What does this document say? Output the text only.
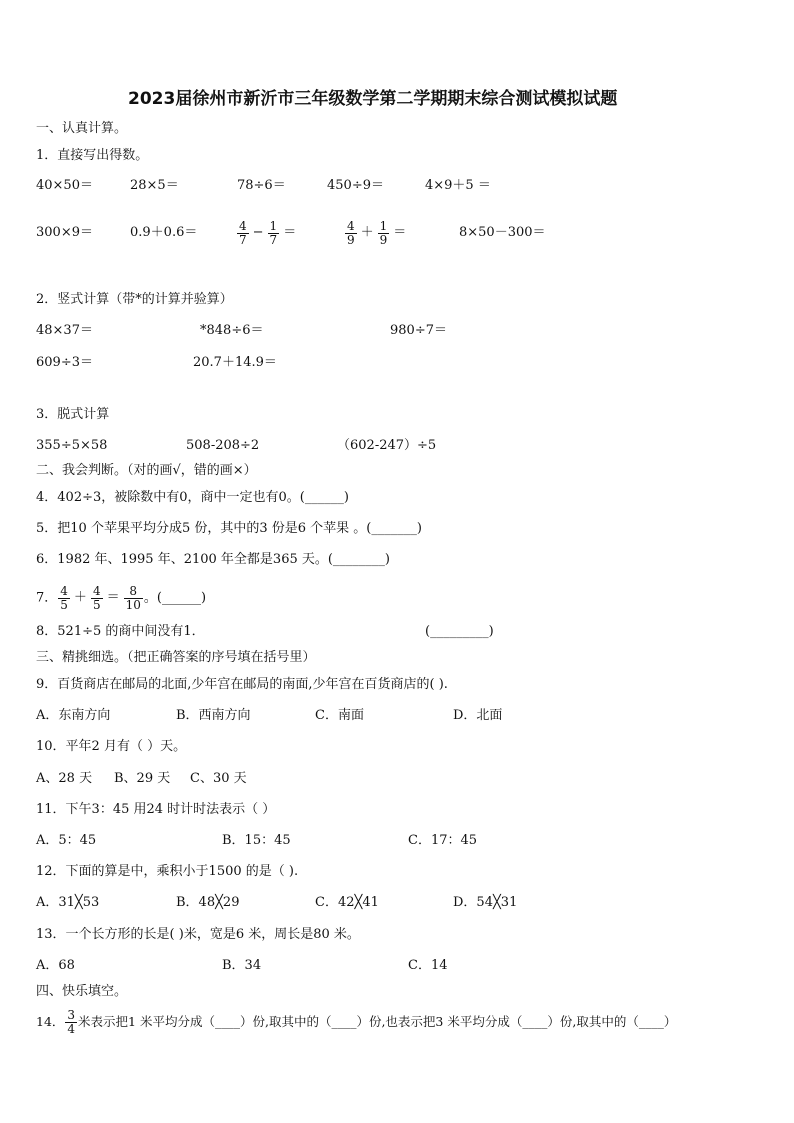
2023届徐州市新沂市三年级数学第二学期期末综合测试模拟试题
一、认真计算。
1．直接写出得数。
40×50＝	28×5＝	78÷6＝	450÷9＝	4×9＋5 ＝
300×9＝	0.9＋0.6＝	$\frac{4}{7} - \frac{1}{7}$ ＝	$\frac{4}{9} + \frac{1}{9}$ ＝	8×50－300＝
2．竖式计算（带*的计算并验算）
48×37＝	*848÷6＝	980÷7＝
609÷3＝	20.7＋14.9＝
3．脱式计算
355÷5×58	508-208÷2	（602-247）÷5
二、我会判断。（对的画√，错的画×）
4．402÷3，被除数中有0，商中一定也有0。(______)
5．把10 个苹果平均分成5 份，其中的3 份是6 个苹果 。(_______)
6．1982 年、1995 年、2100 年全都是365 天。(________)
7． $\frac{4}{5} + \frac{4}{5} = \frac{8}{10}$ 。(______)
8．521÷5 的商中间没有1．	(_________)
三、精挑细选。（把正确答案的序号填在括号里）
9．百货商店在邮局的北面,少年宫在邮局的南面,少年宫在百货商店的( ).
A．东南方向	B．西南方向	C．南面	D．北面
10．平年2 月有（ ）天。
A、28 天 B、29 天 C、30 天
11．下午3：45 用24 时计时法表示（ ）
A．5：45	B．15：45	C．17：45
12．下面的算是中，乘积小于1500 的是（ ).
A．31╳53	B．48╳29	C．42╳41	D．54╳31
13．一个长方形的长是( )米，宽是6 米，周长是80 米。
A．68	B．34	C．14
四、快乐填空。
14． $\frac{3}{4}$ 米表示把1 米平均分成（____）份,取其中的（____）份,也表示把3 米平均分成（____）份,取其中的（____）
